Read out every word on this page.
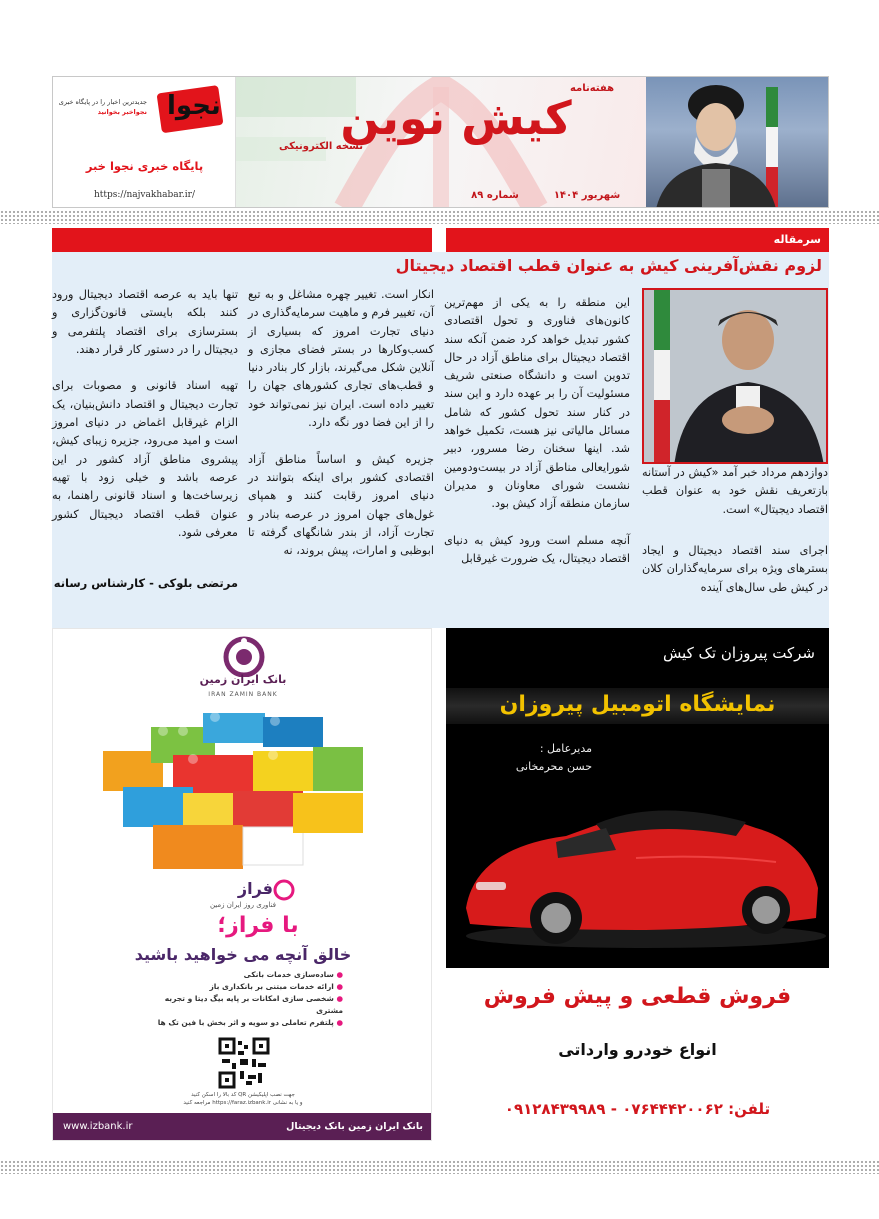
نجوا
جدیدترین اخبار را در پایگاه خبری
نجواخبر بخوانید
پایگاه خبری نجوا خبر
https://najvakhabar.ir/
هفته‌نامه
کیش نوین
نسخه الکترونیکی
شهریور ۱۴۰۴
شماره ۸۹
سرمقاله
لزوم نقش‌آفرینی کیش به عنوان قطب اقتصاد دیجیتال
دوازدهم مرداد خبر آمد «کیش در آستانه بازتعریف نقش خود به عنوان قطب اقتصاد دیجیتال» است.
اجرای سند اقتصاد دیجیتال و ایجاد بسترهای ویژه برای سرمایه‌گذاران کلان در کیش طی سال‌های آینده
این منطقه را به یکی از مهم‌ترین کانون‌های فناوری و تحول اقتصادی کشور تبدیل خواهد کرد ضمن آنکه سند اقتصاد دیجیتال برای مناطق آزاد در حال تدوین است و دانشگاه صنعتی شریف مسئولیت آن را بر عهده دارد و این سند در کنار سند تحول کشور که شامل مسائل مالیاتی نیز هست، تکمیل خواهد شد. اینها سخنان رضا مسرور، دبیر شورایعالی مناطق آزاد در بیست‌ودومین نشست شورای معاونان و مدیران سازمان منطقه آزاد کیش بود.

آنچه مسلم است ورود کیش به دنیای اقتصاد دیجیتال، یک ضرورت غیرقابل
انکار است. تغییر چهره مشاغل و به تبع آن، تغییر فرم و ماهیت سرمایه‌گذاری در دنیای تجارت امروز که بسیاری از کسب‌وکارها در بستر فضای مجازی و آنلاین شکل می‌گیرند، بازار کار بنادر دنیا و قطب‌های تجاری کشورهای جهان را تغییر داده است. ایران نیز نمی‌تواند خود را از این فضا دور نگه دارد.

جزیره کیش و اساساً مناطق آزاد اقتصادی کشور برای اینکه بتوانند در دنیای امروز رقابت کنند و همپای غول‌های جهان امروز در عرصه بنادر و تجارت آزاد، از بندر شانگهای گرفته تا ابوظبی و امارات، پیش بروند، نه
تنها باید به عرصه اقتصاد دیجیتال ورود کنند بلکه بایستی قانون‌گزاری و بسترسازی برای اقتصاد پلتفرمی و دیجیتال را در دستور کار قرار دهند.

تهیه اسناد قانونی و مصوبات برای تجارت دیجیتال و اقتصاد دانش‌بنیان، یک الزام غیرقابل اغماض در دنیای امروز است و امید می‌رود، جزیره زیبای کیش، پیشروی مناطق آزاد کشور در این عرصه باشد و خیلی زود با تهیه زیرساخت‌ها و اسناد قانونی راهنما، به عنوان قطب اقتصاد دیجیتال کشور معرفی شود.
مرتضی بلوکی - کارشناس رسانه
بانک ایران زمین
IRAN ZAMIN BANK
فراز
فناوری روز ایران زمین
با فراز؛
خالق آنچه می خواهید باشید
● سادەسازی خدمات بانکی
● ارائه خدمات مبتنی بر بانکداری باز
● شخصی سازی امکانات بر پایه بیگ دیتا و تجربه مشتری
● پلتفرم تعاملی دو سویه و اثر بخش با فین تک ها
جهت نصب اپلیکیشن QR کد بالا را اسکن کنید
و یا به نشانی https://faraz.izbank.ir مراجعه کنید
www.izbank.ir	بانک ایران زمین بانک دیجیتال
شرکت پیروزان تک کیش
نمایشگاه اتومبیل پیروزان
مدیرعامل :
حسن محرمخانی
فروش قطعی و پیش فروش
انواع خودرو وارداتی
تلفن: ۰۷۶۴۴۴۲۰۰۶۲ - ۰۹۱۲۸۴۳۹۹۸۹
